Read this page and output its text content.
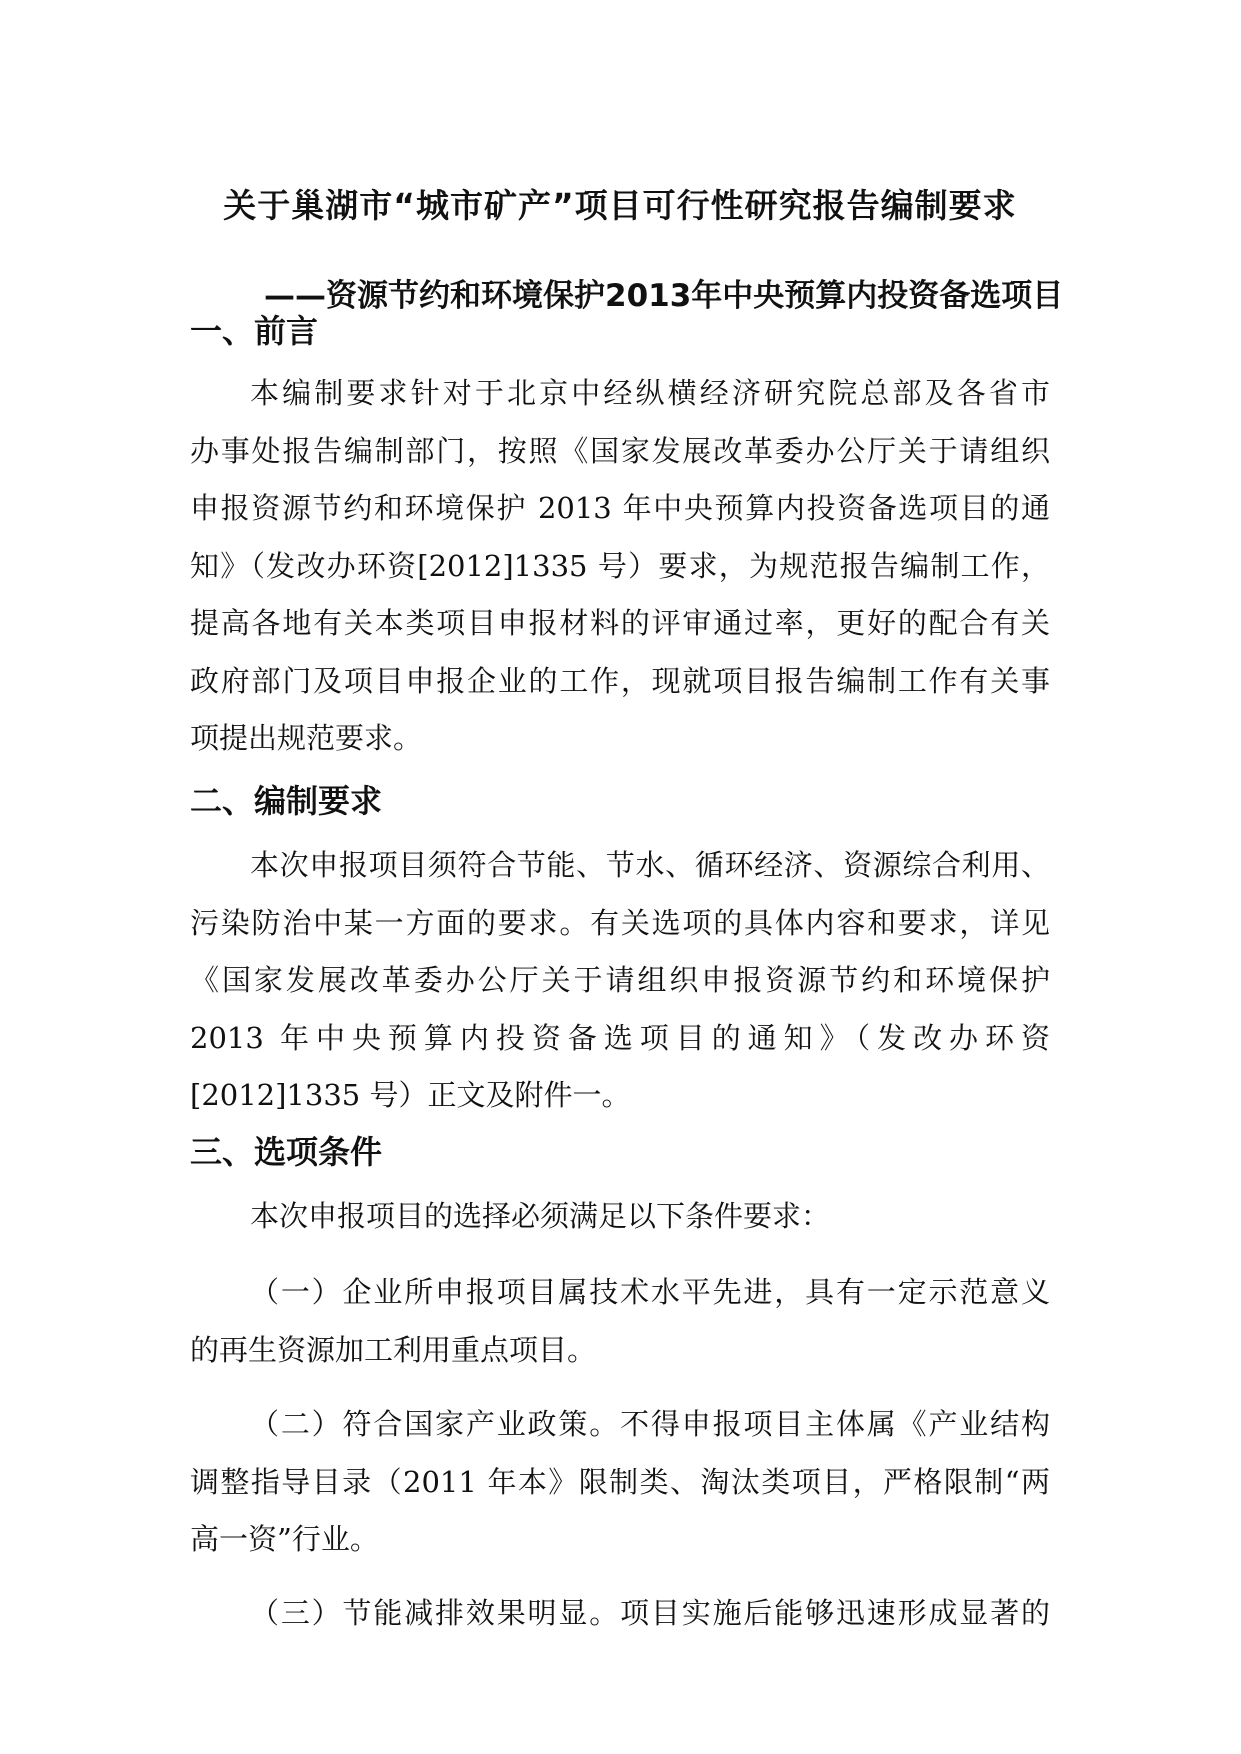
关于巢湖市“城市矿产”项目可行性研究报告编制要求
——资源节约和环境保护2013年中央预算内投资备选项目
一、前言
本编制要求针对于北京中经纵横经济研究院总部及各省市
办事处报告编制部门，按照《国家发展改革委办公厅关于请组织
申报资源节约和环境保护 2013 年中央预算内投资备选项目的通
知》（发改办环资[2012]1335 号）要求，为规范报告编制工作，
提高各地有关本类项目申报材料的评审通过率，更好的配合有关
政府部门及项目申报企业的工作，现就项目报告编制工作有关事
项提出规范要求。
二、编制要求
本次申报项目须符合节能、节水、循环经济、资源综合利用、
污染防治中某一方面的要求。有关选项的具体内容和要求，详见
《国家发展改革委办公厅关于请组织申报资源节约和环境保护
2013 年中央预算内投资备选项目的通知》（发改办环资
[2012]1335 号）正文及附件一。
三、选项条件
本次申报项目的选择必须满足以下条件要求：
（一）企业所申报项目属技术水平先进，具有一定示范意义
的再生资源加工利用重点项目。
（二）符合国家产业政策。不得申报项目主体属《产业结构
调整指导目录（2011 年本》限制类、淘汰类项目，严格限制“两
高一资”行业。
（三）节能减排效果明显。项目实施后能够迅速形成显著的
